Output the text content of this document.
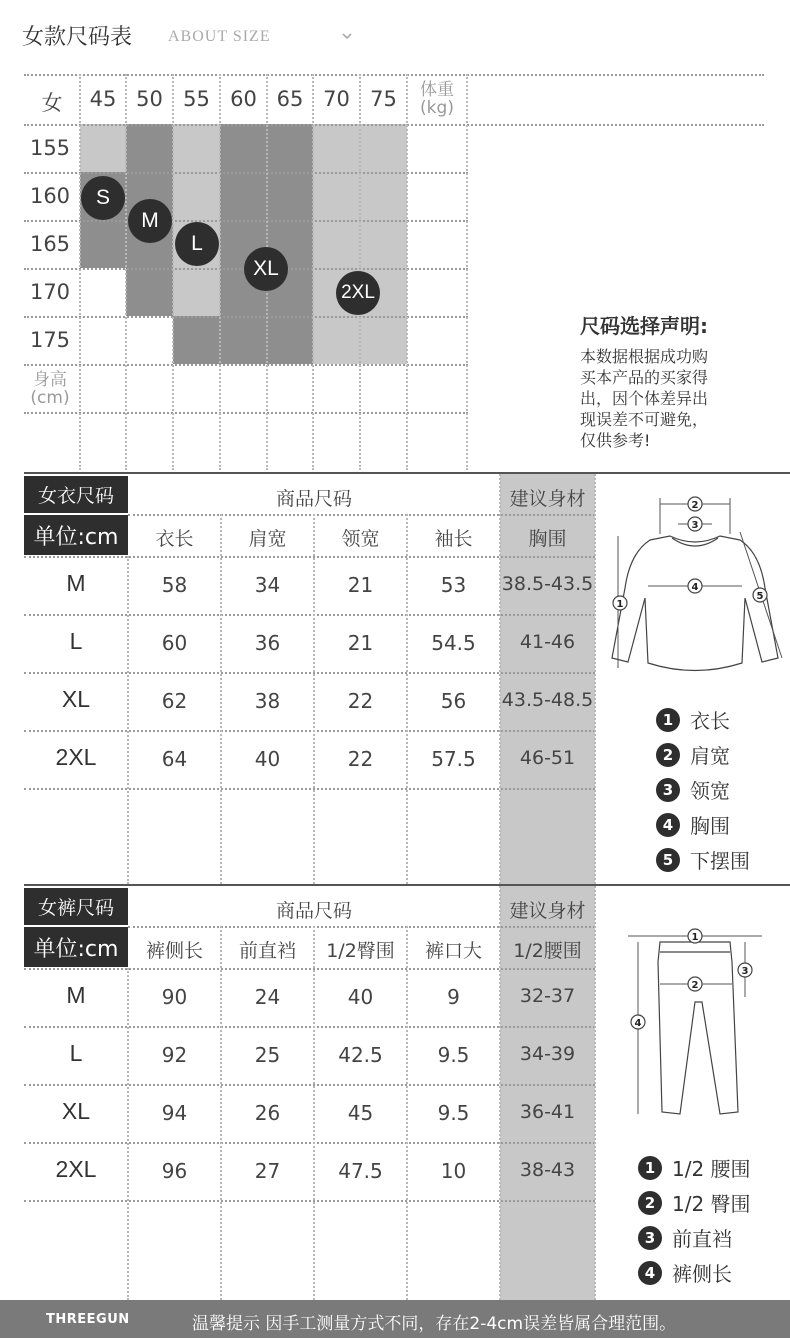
女款尺码表 ABOUT SIZE
女	45 50 55 60 65 70 75	体重
(kg)
155
160
165
170
175
身高
(cm)
S
M
L
XL
2XL
尺码选择声明:
本数据根据成功购
买本产品的买家得
出，因个体差异出
现误差不可避免，
仅供参考!
女衣尺码
单位:cm
商品尺码	建议身材
衣长	肩宽	领宽	袖长	胸围
M	58	34	21	53	38.5-43.5
L	60	36	21	54.5	41-46
XL	62	38	22	56	43.5-48.5
2XL	64	40	22	57.5	46-51
2
3
4
1
5
1 衣长
2 肩宽
3 领宽
4 胸围
5 下摆围
女裤尺码
单位:cm
商品尺码	建议身材
裤侧长	前直裆	1/2臀围	裤口大	1/2腰围
M	90	24	40	9	32-37
L	92	25	42.5	9.5	34-39
XL	94	26	45	9.5	36-41
2XL	96	27	47.5	10	38-43
1
2
3
4
1 1/2 腰围
2 1/2 臀围
3 前直裆
4 裤侧长
THREEGUN	温馨提示 因手工测量方式不同，存在2-4cm误差皆属合理范围。
